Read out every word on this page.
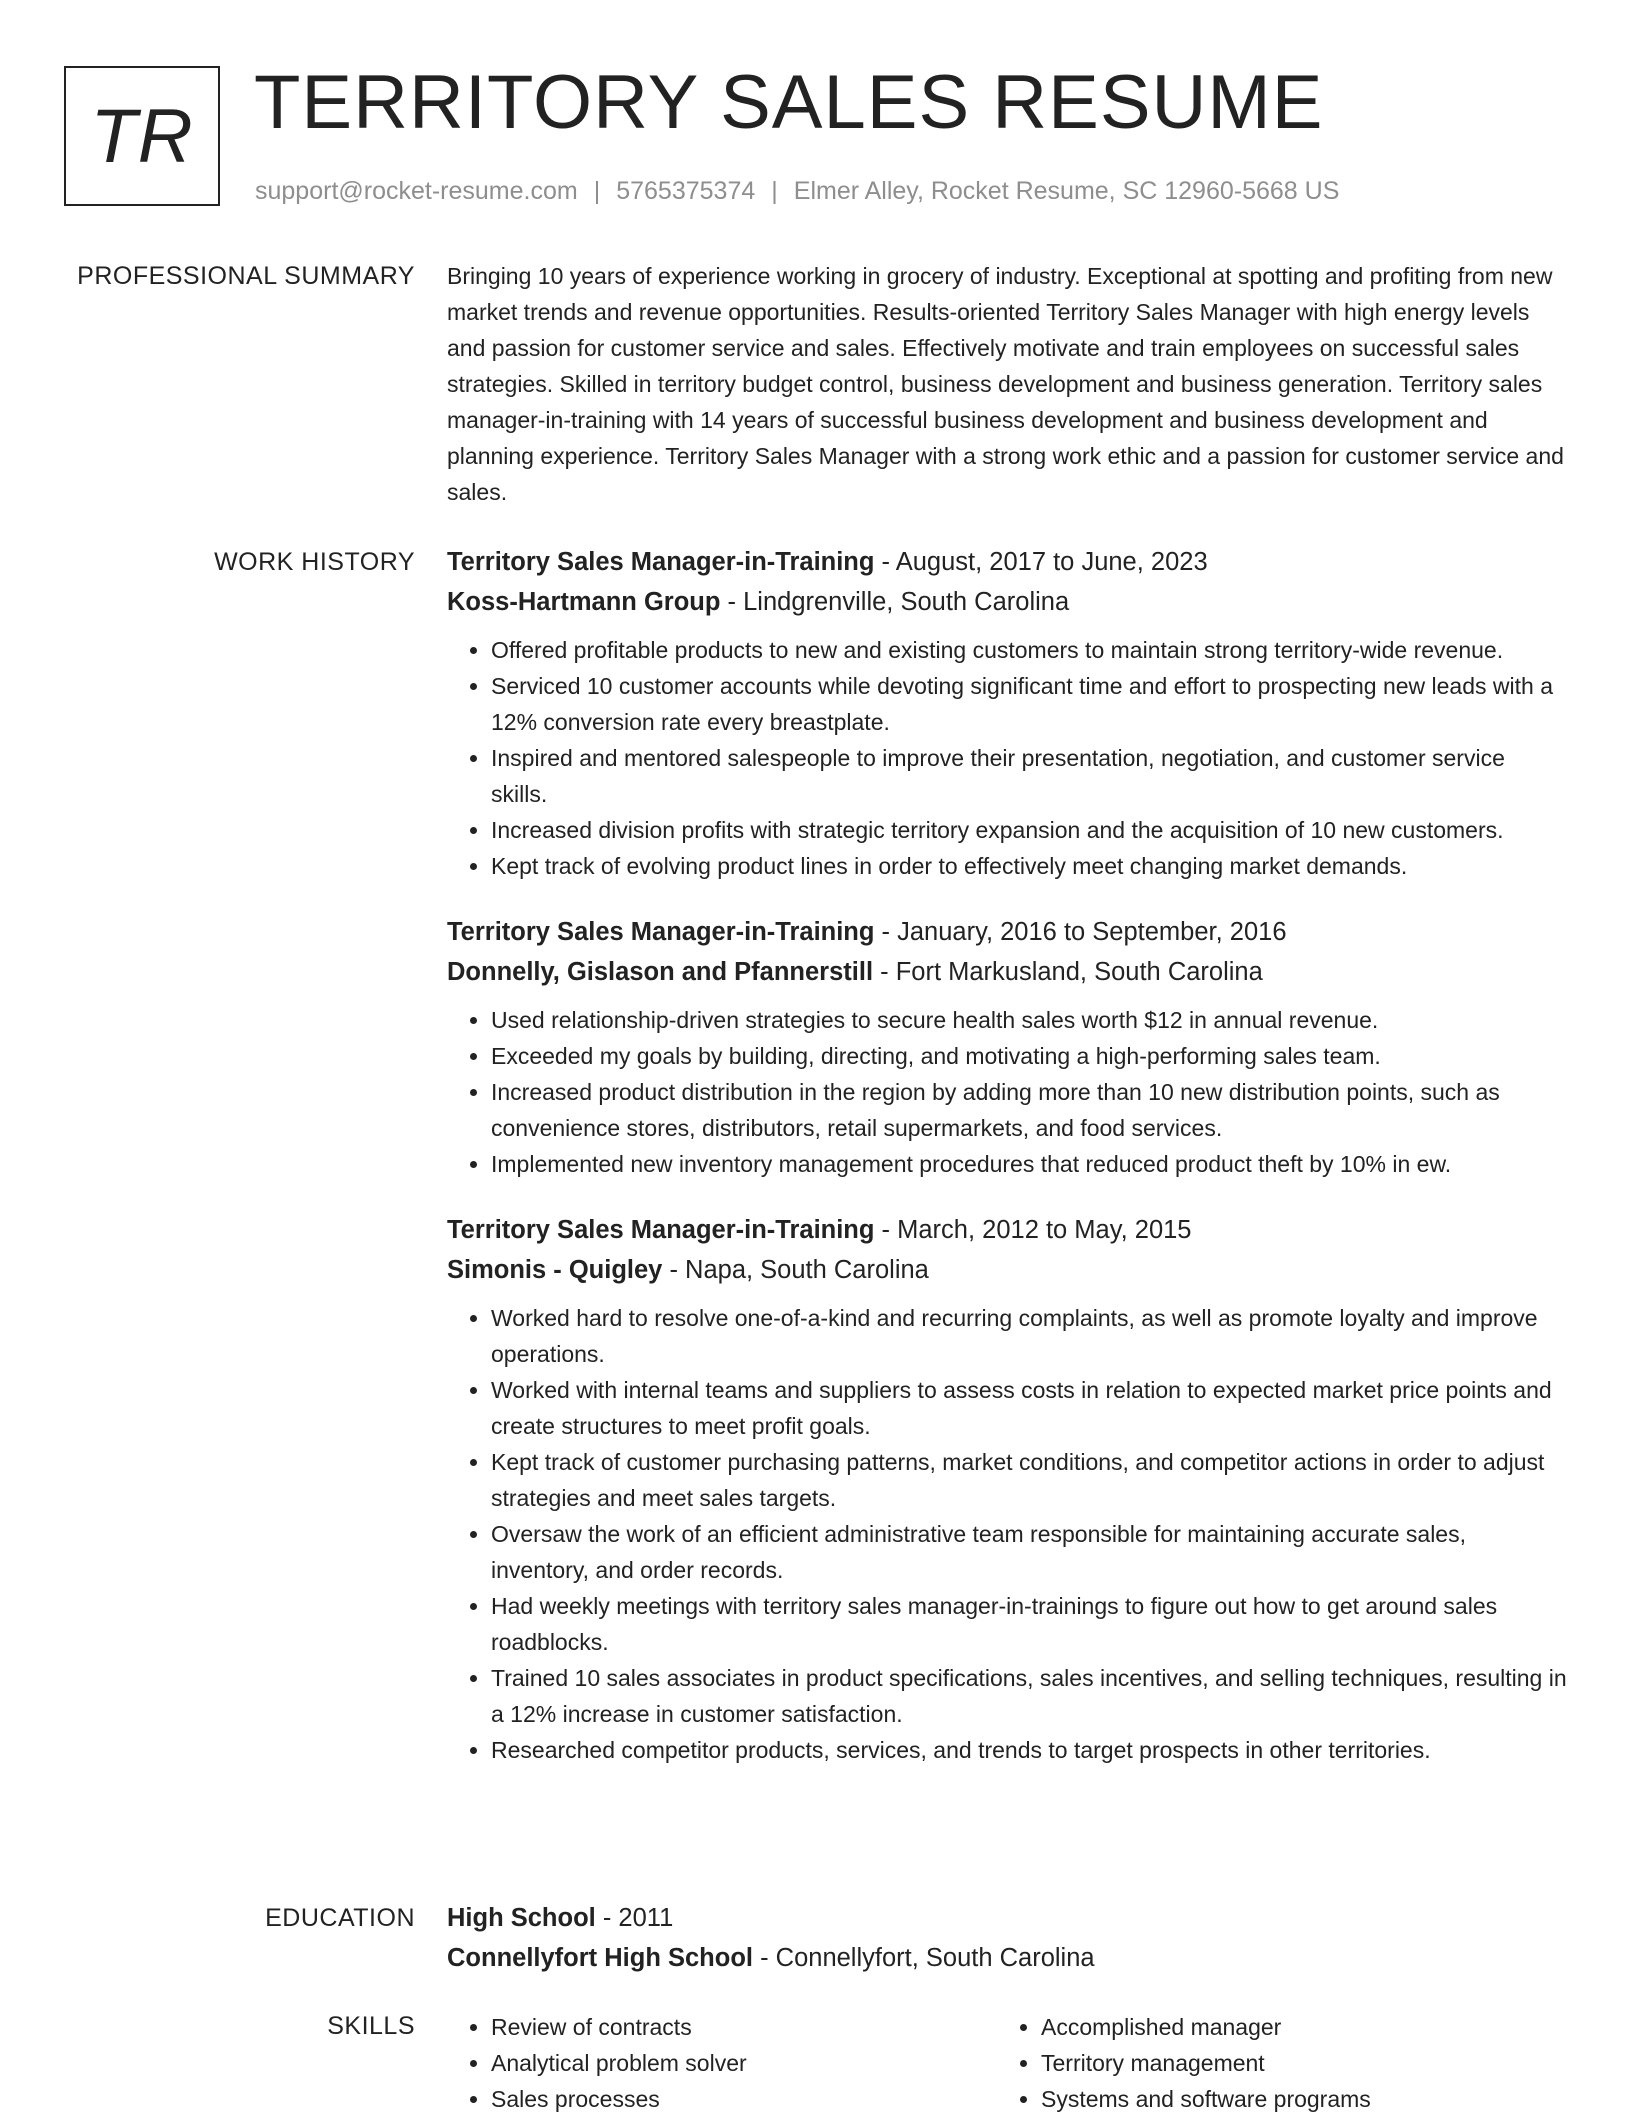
TR TERRITORY SALES RESUME
support@rocket-resume.com | 5765375374 | Elmer Alley, Rocket Resume, SC 12960-5668 US
PROFESSIONAL SUMMARY Bringing 10 years of experience working in grocery of industry. Exceptional at spotting and profiting from new market trends and revenue opportunities. Results-oriented Territory Sales Manager with high energy levels and passion for customer service and sales. Effectively motivate and train employees on successful sales strategies. Skilled in territory budget control, business development and business generation. Territory sales manager-in-training with 14 years of successful business development and business development and planning experience. Territory Sales Manager with a strong work ethic and a passion for customer service and sales.

WORK HISTORY Territory Sales Manager-in-Training - August, 2017 to June, 2023
Koss-Hartmann Group - Lindgrenville, South Carolina
• Offered profitable products to new and existing customers to maintain strong territory-wide revenue.
• Serviced 10 customer accounts while devoting significant time and effort to prospecting new leads with a 12% conversion rate every breastplate.
• Inspired and mentored salespeople to improve their presentation, negotiation, and customer service skills.
• Increased division profits with strategic territory expansion and the acquisition of 10 new customers.
• Kept track of evolving product lines in order to effectively meet changing market demands.
Territory Sales Manager-in-Training - January, 2016 to September, 2016
Donnelly, Gislason and Pfannerstill - Fort Markusland, South Carolina
• Used relationship-driven strategies to secure health sales worth $12 in annual revenue.
• Exceeded my goals by building, directing, and motivating a high-performing sales team.
• Increased product distribution in the region by adding more than 10 new distribution points, such as convenience stores, distributors, retail supermarkets, and food services.
• Implemented new inventory management procedures that reduced product theft by 10% in ew.
Territory Sales Manager-in-Training - March, 2012 to May, 2015
Simonis - Quigley - Napa, South Carolina
• Worked hard to resolve one-of-a-kind and recurring complaints, as well as promote loyalty and improve operations.
• Worked with internal teams and suppliers to assess costs in relation to expected market price points and create structures to meet profit goals.
• Kept track of customer purchasing patterns, market conditions, and competitor actions in order to adjust strategies and meet sales targets.
• Oversaw the work of an efficient administrative team responsible for maintaining accurate sales, inventory, and order records.
• Had weekly meetings with territory sales manager-in-trainings to figure out how to get around sales roadblocks.
• Trained 10 sales associates in product specifications, sales incentives, and selling techniques, resulting in a 12% increase in customer satisfaction.
• Researched competitor products, services, and trends to target prospects in other territories.
EDUCATION High School - 2011
Connellyfort High School - Connellyfort, South Carolina
SKILLS
•	Review of contracts
• Analytical problem solver
• Sales processes
• Accomplished manager
• Territory management
• Systems and software programs
